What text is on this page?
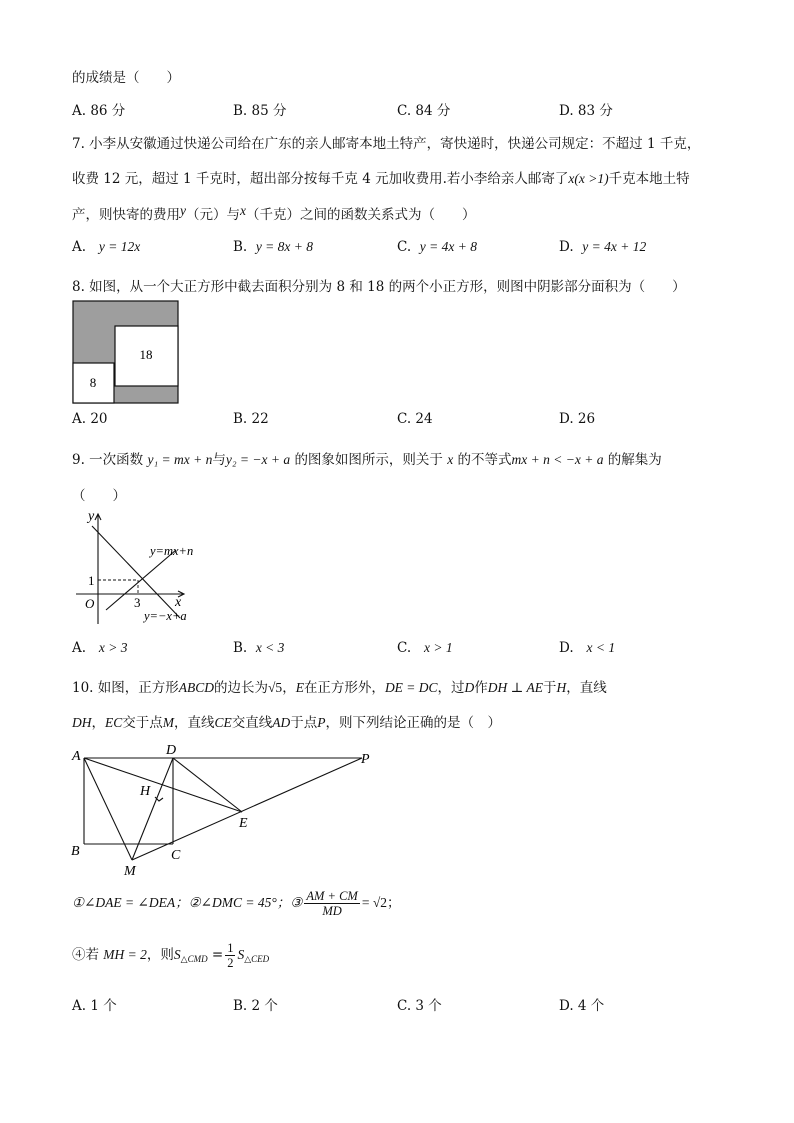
的成绩是（　　）
A. 86 分	B. 85 分	C. 84 分	D. 83 分
7. 小李从安徽通过快递公司给在广东的亲人邮寄本地土特产，寄快递时，快递公司规定：不超过 1 千克，
收费 12 元，超过 1 千克时，超出部分按每千克 4 元加收费用.若小李给亲人邮寄了x(x >1)千克本地土特
产，则快寄的费用y（元）与x（千克）之间的函数关系式为（　　）
A. y = 12x	B. y = 8x + 8	C. y = 4x + 8	D. y = 4x + 12
8. 如图，从一个大正方形中截去面积分别为 8 和 18 的两个小正方形，则图中阴影部分面积为（　　）
18
8
A. 20	B. 22	C. 24	D. 26
9. 一次函数 y₁ = mx + n与y₂ = −x + a 的图象如图所示，则关于 x 的不等式mx + n < −x + a 的解集为
（　　）
y
x
O
1
3
y=mx+n
y=−x+a
A. x > 3	B. x < 3	C. x > 1	D. x < 1
10. 如图，正方形ABCD的边长为√5，E在正方形外，DE = DC，过D作DH ⊥ AE于H，直线
DH，EC交于点M，直线CE交直线AD于点P，则下列结论正确的是（　）
A
B	C
D
E
H
M
P
①∠DAE = ∠DEA；②∠DMC = 45°；③ $\frac{AM + CM}{MD} = √2$；
④若 MH = 2，则$S_{\triangle CMD} = \frac{1}{2} S_{\triangle CED}$
A. 1 个	B. 2 个	C. 3 个	D. 4 个
